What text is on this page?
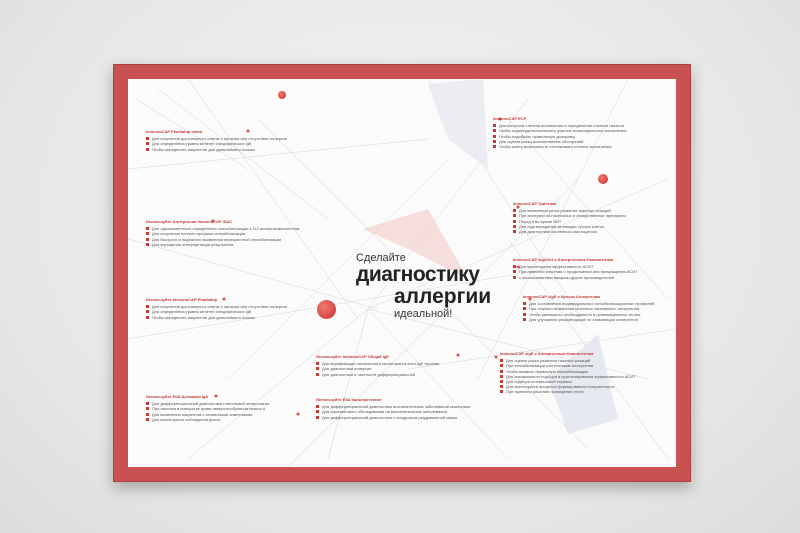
Сделайте
диагностику
аллергии
идеальной!
ImmunoCAP Phadiatop infant
Для получения достоверного ответа о наличии или отсутствии аллергии
Для определения уровня антител специфических IgE
Чтобы определить пациентов для дальнейшего поиска
Используйте Аллергочип ImmunoCAP ISAC
Для одномоментного определения сенсибилизации к 112 аллергокомпонентам
Для получения полного профиля сенсибилизации
Для быстрого и надежного выявления перекрестной сенсибилизации
Для упрощения интерпретации результатов
Используйте ImmunoCAP Phadiatop
Для получения достоверного ответа о наличии или отсутствии аллергии
Для определения уровня антител специфических IgE
Чтобы определить пациентов для дальнейшего поиска
Используйте EliA Целиакия IgA
Для дифференциальной диагностики глютеновой энтеропатии
При наличии в сыворотке крови иммуноглобулинов класса А
Для выявления пациентов с атипичными симптомами
Для мониторинга соблюдения диеты
Используйте ImmunoCAP Общий IgE
Для верификации назначения и мониторинга анти-IgE терапии
Для диагностики аллергии
Для диагностики и частности дифференциальной
Используйте EliA Кальпротектин
Для дифференциальной диагностики воспалительных заболеваний кишечника
Для скринингового обследования на воспалительные заболевания
Для дифференциальной диагностики с синдромом раздраженной кишки
ImmunoCAP ECP
Для контроля степени воспаления и определения степени тяжести
Чтобы подтвердить/исключить участие эозинофильного воспаления
Чтобы подобрать правильную дозировку
Для оценки риска возникновения обострений
Чтобы иметь возможность отслеживать степень воспаления
ImmunoCAP Триптаза
Для выявления риска развития тяжелых реакций
При аллергии на насекомых и лекарственные препараты
Перед и во время ВИТ
Для подтверждения активации тучных клеток
Для диагностики системного мастоцитоза
ImmunoCAP sIgG/G4 к Аллергенным Компонентам
Для мониторинга эффективности АСИТ
При принятии решения о продолжении или прекращении АСИТ
с использованием вакцины других производителей
ImmunoCAP sIgE к Целым Аллергенам
Для составления индивидуальных сенсибилизационных профилей
При ложного выявления истинных «виновных» аллергенов
Чтобы уменьшить необходимость в провокационных тестах
Для улучшения рекомендаций по элиминации аллергенов
ImmunoCAP sIgE к Аллергенным Компонентам
Для оценки риска развития тяжелых реакций
При сенсибилизации к источникам аллергенов
Чтобы выявить первичную сенсибилизацию
Для оптимального подбора и прогнозирования эффективности АСИТ
Для подбора оптимальной терапии
Для мониторинга процесса формирования толерантности
При принятии решения проведения теста
